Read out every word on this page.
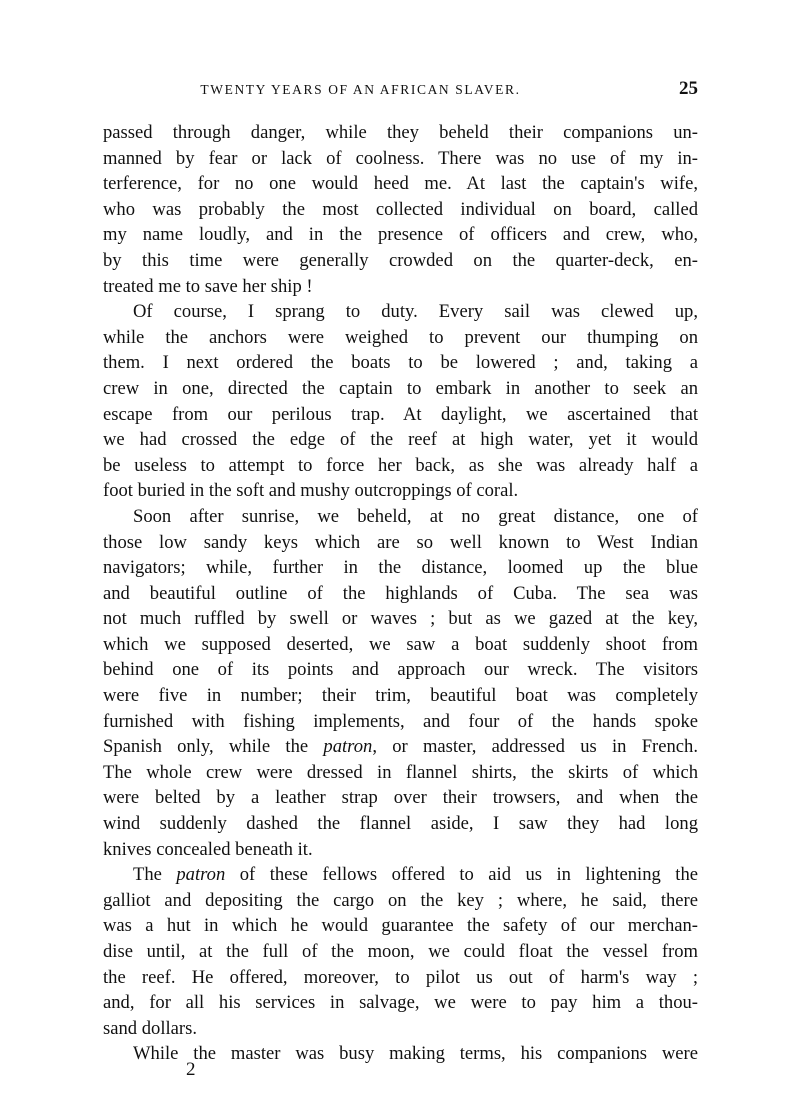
TWENTY YEARS OF AN AFRICAN SLAVER.	25
passed through danger, while they beheld their companions un-
manned by fear or lack of coolness. There was no use of my in-
terference, for no one would heed me. At last the captain's wife,
who was probably the most collected individual on board, called
my name loudly, and in the presence of officers and crew, who,
by this time were generally crowded on the quarter-deck, en-
treated me to save her ship !
Of course, I sprang to duty. Every sail was clewed up,
while the anchors were weighed to prevent our thumping on
them. I next ordered the boats to be lowered ; and, taking a
crew in one, directed the captain to embark in another to seek an
escape from our perilous trap. At daylight, we ascertained that
we had crossed the edge of the reef at high water, yet it would
be useless to attempt to force her back, as she was already half a
foot buried in the soft and mushy outcroppings of coral.
Soon after sunrise, we beheld, at no great distance, one of
those low sandy keys which are so well known to West Indian
navigators; while, further in the distance, loomed up the blue
and beautiful outline of the highlands of Cuba. The sea was
not much ruffled by swell or waves ; but as we gazed at the key,
which we supposed deserted, we saw a boat suddenly shoot from
behind one of its points and approach our wreck. The visitors
were five in number; their trim, beautiful boat was completely
furnished with fishing implements, and four of the hands spoke
Spanish only, while the patron, or master, addressed us in French.
The whole crew were dressed in flannel shirts, the skirts of which
were belted by a leather strap over their trowsers, and when the
wind suddenly dashed the flannel aside, I saw they had long
knives concealed beneath it.
The patron of these fellows offered to aid us in lightening the
galliot and depositing the cargo on the key ; where, he said, there
was a hut in which he would guarantee the safety of our merchan-
dise until, at the full of the moon, we could float the vessel from
the reef. He offered, moreover, to pilot us out of harm's way ;
and, for all his services in salvage, we were to pay him a thou-
sand dollars.
While the master was busy making terms, his companions were
2
